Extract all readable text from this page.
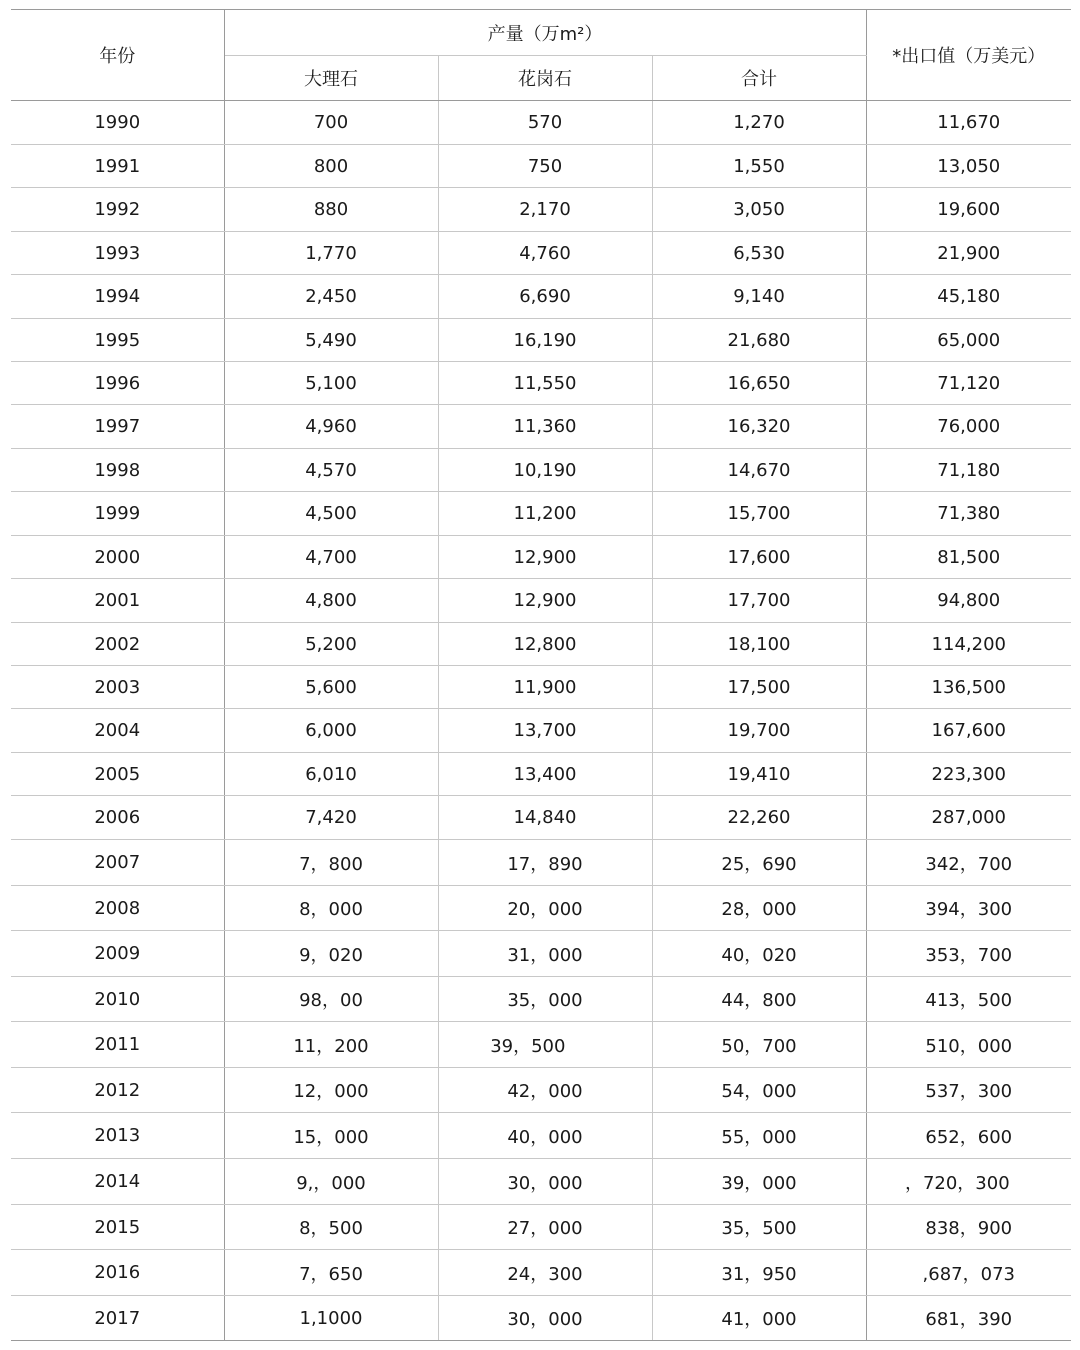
年份	产量（万m²）			*出口值（万美元）
	大理石	花岗石	合计	
1990	700	570	1,270	11,670
1991	800	750	1,550	13,050
1992	880	2,170	3,050	19,600
1993	1,770	4,760	6,530	21,900
1994	2,450	6,690	9,140	45,180
1995	5,490	16,190	21,680	65,000
1996	5,100	11,550	16,650	71,120
1997	4,960	11,360	16,320	76,000
1998	4,570	10,190	14,670	71,180
1999	4,500	11,200	15,700	71,380
2000	4,700	12,900	17,600	81,500
2001	4,800	12,900	17,700	94,800
2002	5,200	12,800	18,100	114,200
2003	5,600	11,900	17,500	136,500
2004	6,000	13,700	19,700	167,600
2005	6,010	13,400	19,410	223,300
2006	7,420	14,840	22,260	287,000
2007	7，800	17，890	25，690	342，700
2008	8，000	20，000	28，000	394，300
2009	9，020	31，000	40，020	353，700
2010	98，00	35，000	44，800	413，500
2011	11，200	39，500	50，700	510，000
2012	12，000	42，000	54，000	537，300
2013	15，000	40，000	55，000	652，600
2014	9,，000	30，000	39，000	，720，300
2015	8，500	27，000	35，500	838，900
2016	7，650	24，300	31，950	,687，073
2017	1,1000	30，000	41，000	681，390
